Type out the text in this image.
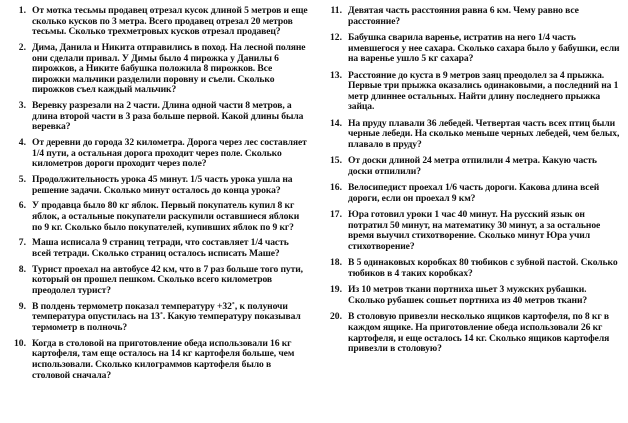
1. От мотка тесьмы продавец отрезал кусок длиной 5 метров и еще сколько кусков по 3 метра. Всего продавец отрезал 20 метров тесьмы. Сколько трехметровых кусков отрезал продавец?
2. Дима, Данила и Никита отправились в поход. На лесной поляне они сделали привал. У Димы было 4 пирожка у Данилы 6 пирожков, а Никите бабушка положила 8 пирожков. Все пирожки мальчики разделили поровну и съели. Сколько пирожков съел каждый мальчик?
3. Веревку разрезали на 2 части. Длина одной части 8 метров, а длина второй части в 3 раза больше первой. Какой длины была веревка?
4. От деревни до города 32 километра. Дорога через лес составляет 1/4 пути, а остальная дорога проходит через поле. Сколько километров дороги проходит через поле?
5. Продолжительность урока 45 минут. 1/5 часть урока ушла на решение задачи. Сколько минут осталось до конца урока?
6. У продавца было 80 кг яблок. Первый покупатель купил 8 кг яблок, а остальные покупатели раскупили оставшиеся яблоки по 9 кг. Сколько было покупателей, купивших яблок по 9 кг?
7. Маша исписала 9 страниц тетради, что составляет 1/4 часть всей тетради. Сколько страниц осталось исписать Маше?
8. Турист проехал на автобусе 42 км, что в 7 раз больше того пути, который он прошел пешком. Сколько всего километров преодолел турист?
9. В полдень термометр показал температуру +32˚, к полуночи температура опустилась на 13˚. Какую температуру показывал термометр в полночь?
10. Когда в столовой на приготовление обеда использовали 16 кг картофеля, там еще осталось на 14 кг картофеля больше, чем использовали. Сколько килограммов картофеля было в столовой сначала?
11. Девятая часть расстояния равна 6 км. Чему равно все расстояние?
12. Бабушка сварила варенье, истратив на него 1/4 часть имевшегося у нее сахара. Сколько сахара было у бабушки, если на варенье ушло 5 кг сахара?
13. Расстояние до куста в 9 метров заяц преодолел за 4 прыжка. Первые три прыжка оказались одинаковыми, а последний на 1 метр длиннее остальных. Найти длину последнего прыжка зайца.
14. На пруду плавали 36 лебедей. Четвертая часть всех птиц были черные лебеди. На сколько меньше черных лебедей, чем белых, плавало в пруду?
15. От доски длиной 24 метра отпилили 4 метра. Какую часть доски отпилили?
16. Велосипедист проехал 1/6 часть дороги. Какова длина всей дороги, если он проехал 9 км?
17. Юра готовил уроки 1 час 40 минут. На русский язык он потратил 50 минут, на математику 30 минут, а за остальное время выучил стихотворение. Сколько минут Юра учил стихотворение?
18. В 5 одинаковых коробках 80 тюбиков с зубной пастой. Сколько тюбиков в 4 таких коробках?
19. Из 10 метров ткани портниха шьет 3 мужских рубашки. Сколько рубашек сошьет портниха из 40 метров ткани?
20. В столовую привезли несколько ящиков картофеля, по 8 кг в каждом ящике. На приготовление обеда использовали 26 кг картофеля, и еще осталось 14 кг. Сколько ящиков картофеля привезли в столовую?
